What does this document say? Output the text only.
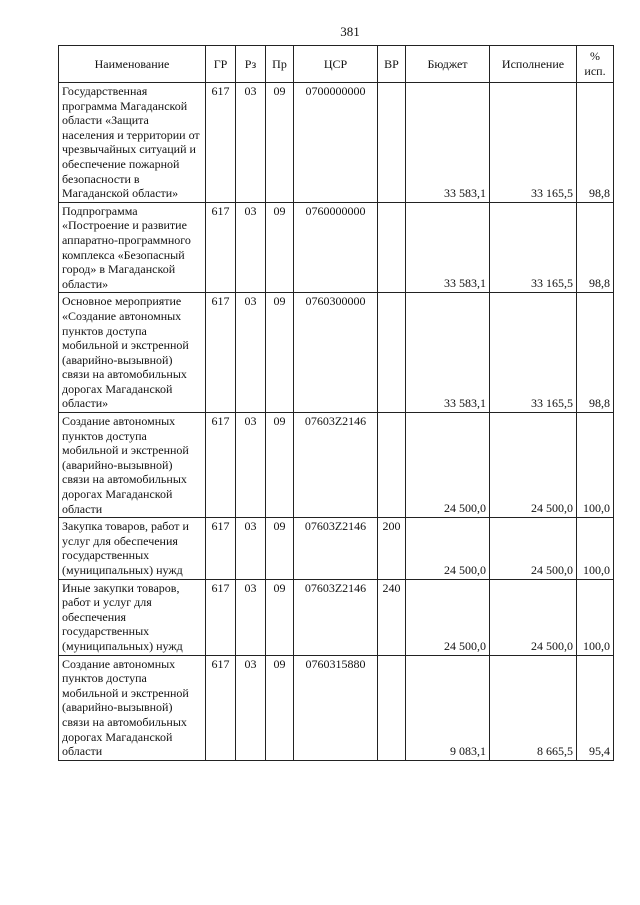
381
Наименование	ГР	Рз	Пр	ЦСР	ВР	Бюджет	Исполнение	%
исп.

Государственная программа Магаданской области «Защита населения и территории от чрезвычайных ситуаций и обеспечение пожарной безопасности в Магаданской области»	617	03	09	0700000000		33 583,1	33 165,5	98,8
Подпрограмма «Построение и развитие аппаратно-программного комплекса «Безопасный город» в Магаданской области»	617	03	09	0760000000		33 583,1	33 165,5	98,8
Основное мероприятие «Создание автономных пунктов доступа мобильной и экстренной (аварийно-вызывной) связи на автомобильных дорогах Магаданской области»	617	03	09	0760300000		33 583,1	33 165,5	98,8
Создание автономных пунктов доступа мобильной и экстренной (аварийно-вызывной) связи на автомобильных дорогах Магаданской области	617	03	09	07603Z2146		24 500,0	24 500,0	100,0
Закупка товаров, работ и услуг для обеспечения государственных (муниципальных) нужд	617	03	09	07603Z2146	200	24 500,0	24 500,0	100,0
Иные закупки товаров, работ и услуг для обеспечения государственных (муниципальных) нужд	617	03	09	07603Z2146	240	24 500,0	24 500,0	100,0
Создание автономных пунктов доступа мобильной и экстренной (аварийно-вызывной) связи на автомобильных дорогах Магаданской области	617	03	09	0760315880		9 083,1	8 665,5	95,4
